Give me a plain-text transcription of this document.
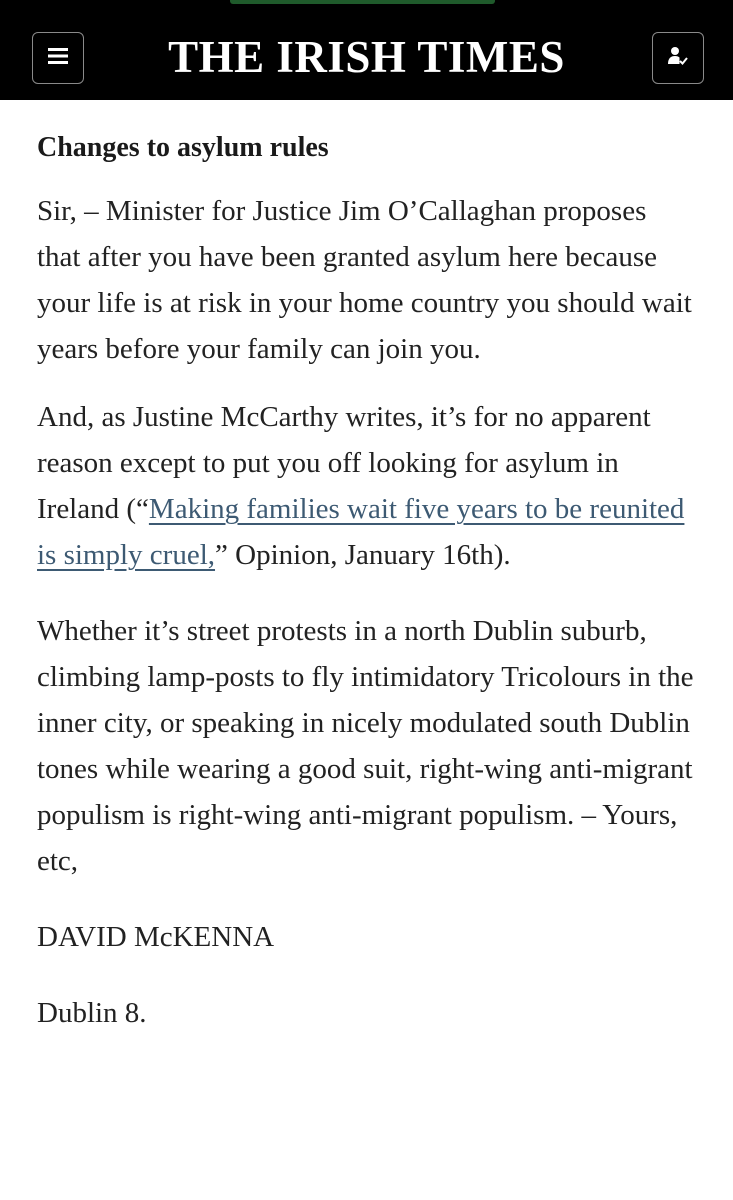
THE IRISH TIMES
Changes to asylum rules

Sir, – Minister for Justice Jim O’Callaghan proposes that after you have been granted asylum here because your life is at risk in your home country you should wait years before your family can join you.

And, as Justine McCarthy writes, it’s for no apparent reason except to put you off looking for asylum in Ireland (“Making families wait five years to be reunited is simply cruel,” Opinion, January 16th).

Whether it’s street protests in a north Dublin suburb, climbing lamp-posts to fly intimidatory Tricolours in the inner city, or speaking in nicely modulated south Dublin tones while wearing a good suit, right-wing anti-migrant populism is right-wing anti-migrant populism. – Yours, etc,

DAVID McKENNA

Dublin 8.
